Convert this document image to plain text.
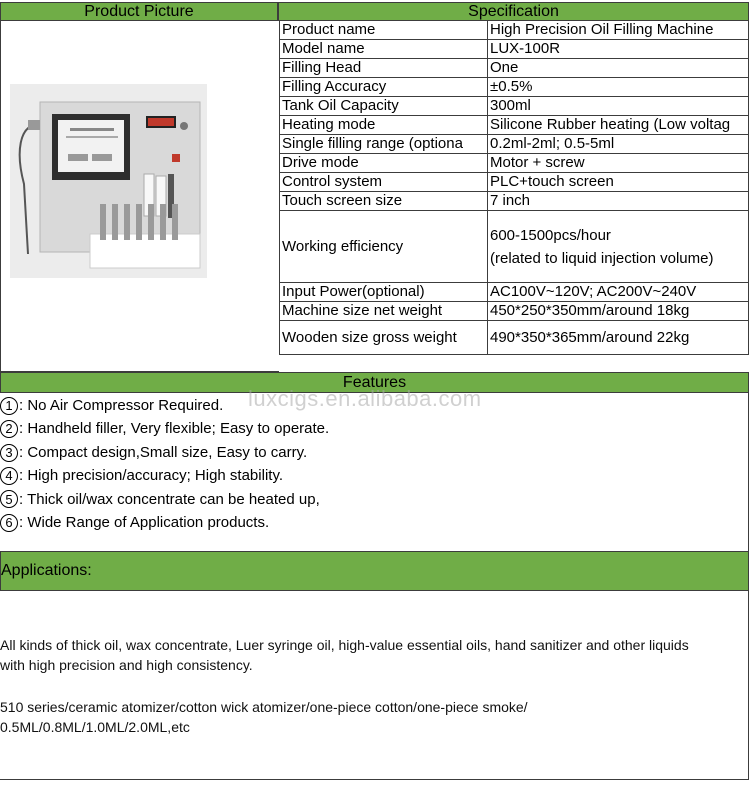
Product Picture	Specification
Product name	High Precision Oil Filling Machine
Model name	LUX-100R
Filling Head	One
Filling Accuracy	±0.5%
Tank Oil Capacity	300ml
Heating mode	Silicone Rubber heating (Low voltag
Single filling range (optiona	0.2ml-2ml; 0.5-5ml
Drive mode	Motor + screw
Control system	PLC+touch screen
Touch screen size	7 inch
Working efficiency	600-1500pcs/hour
(related to liquid injection volume)

Input Power(optional)	AC100V~120V; AC200V~240V
Machine size net weight	450*250*350mm/around 18kg
Wooden size gross weight	490*350*365mm/around 22kg
Features
luxcigs.en.alibaba.com
1 : No Air Compressor Required.
2 : Handheld filler, Very flexible; Easy to operate.
3 : Compact design,Small size, Easy to carry.
4 : High precision/accuracy; High stability.
5 : Thick oil/wax concentrate can be heated up,
6 : Wide Range of Application products.
Applications:
All kinds of thick oil, wax concentrate, Luer syringe oil, high-value essential oils, hand sanitizer and other liquids
with high precision and high consistency.
510 series/ceramic atomizer/cotton wick atomizer/one-piece cotton/one-piece smoke/
0.5ML/0.8ML/1.0ML/2.0ML,etc
